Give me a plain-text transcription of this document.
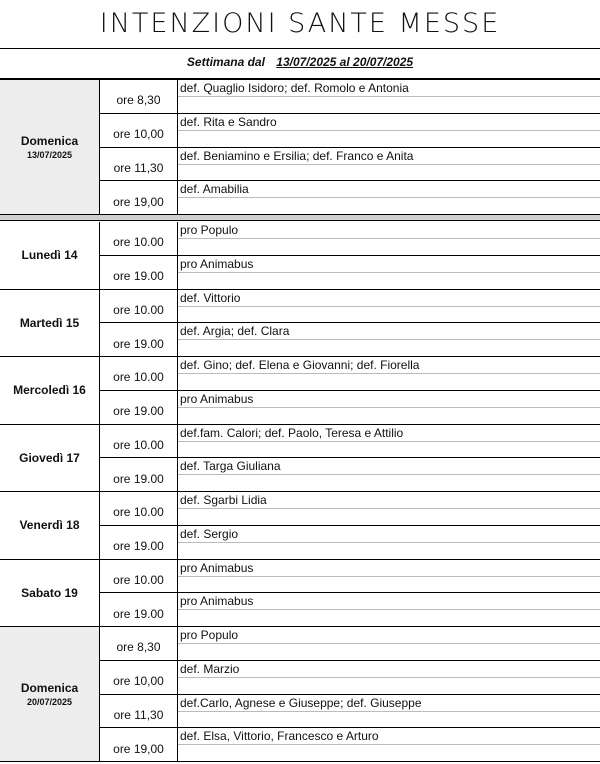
INTENZIONI SANTE MESSE
Settimana dal 13/07/2025 al 20/07/2025
Domenica
13/07/2025
ore 8,30
def. Quaglio Isidoro; def. Romolo e Antonia
ore 10,00
def. Rita e Sandro
ore 11,30
def. Beniamino e Ersilia; def. Franco e Anita
ore 19,00
def. Amabilia
Lunedì 14
ore 10.00
pro Populo
ore 19.00
pro Animabus
Martedì 15
ore 10.00
def. Vittorio
ore 19.00
def. Argia; def. Clara
Mercoledì 16
ore 10.00
def. Gino; def. Elena e Giovanni; def. Fiorella
ore 19.00
pro Animabus
Giovedì 17
ore 10.00
def.fam. Calori; def. Paolo, Teresa e Attilio
ore 19.00
def. Targa Giuliana
Venerdì 18
ore 10.00
def. Sgarbi Lidia
ore 19.00
def. Sergio
Sabato 19
ore 10.00
pro Animabus
ore 19.00
pro Animabus
Domenica
20/07/2025
ore 8,30
pro Populo
ore 10,00
def. Marzio
ore 11,30
def.Carlo, Agnese e Giuseppe; def. Giuseppe
ore 19,00
def. Elsa, Vittorio, Francesco e Arturo
